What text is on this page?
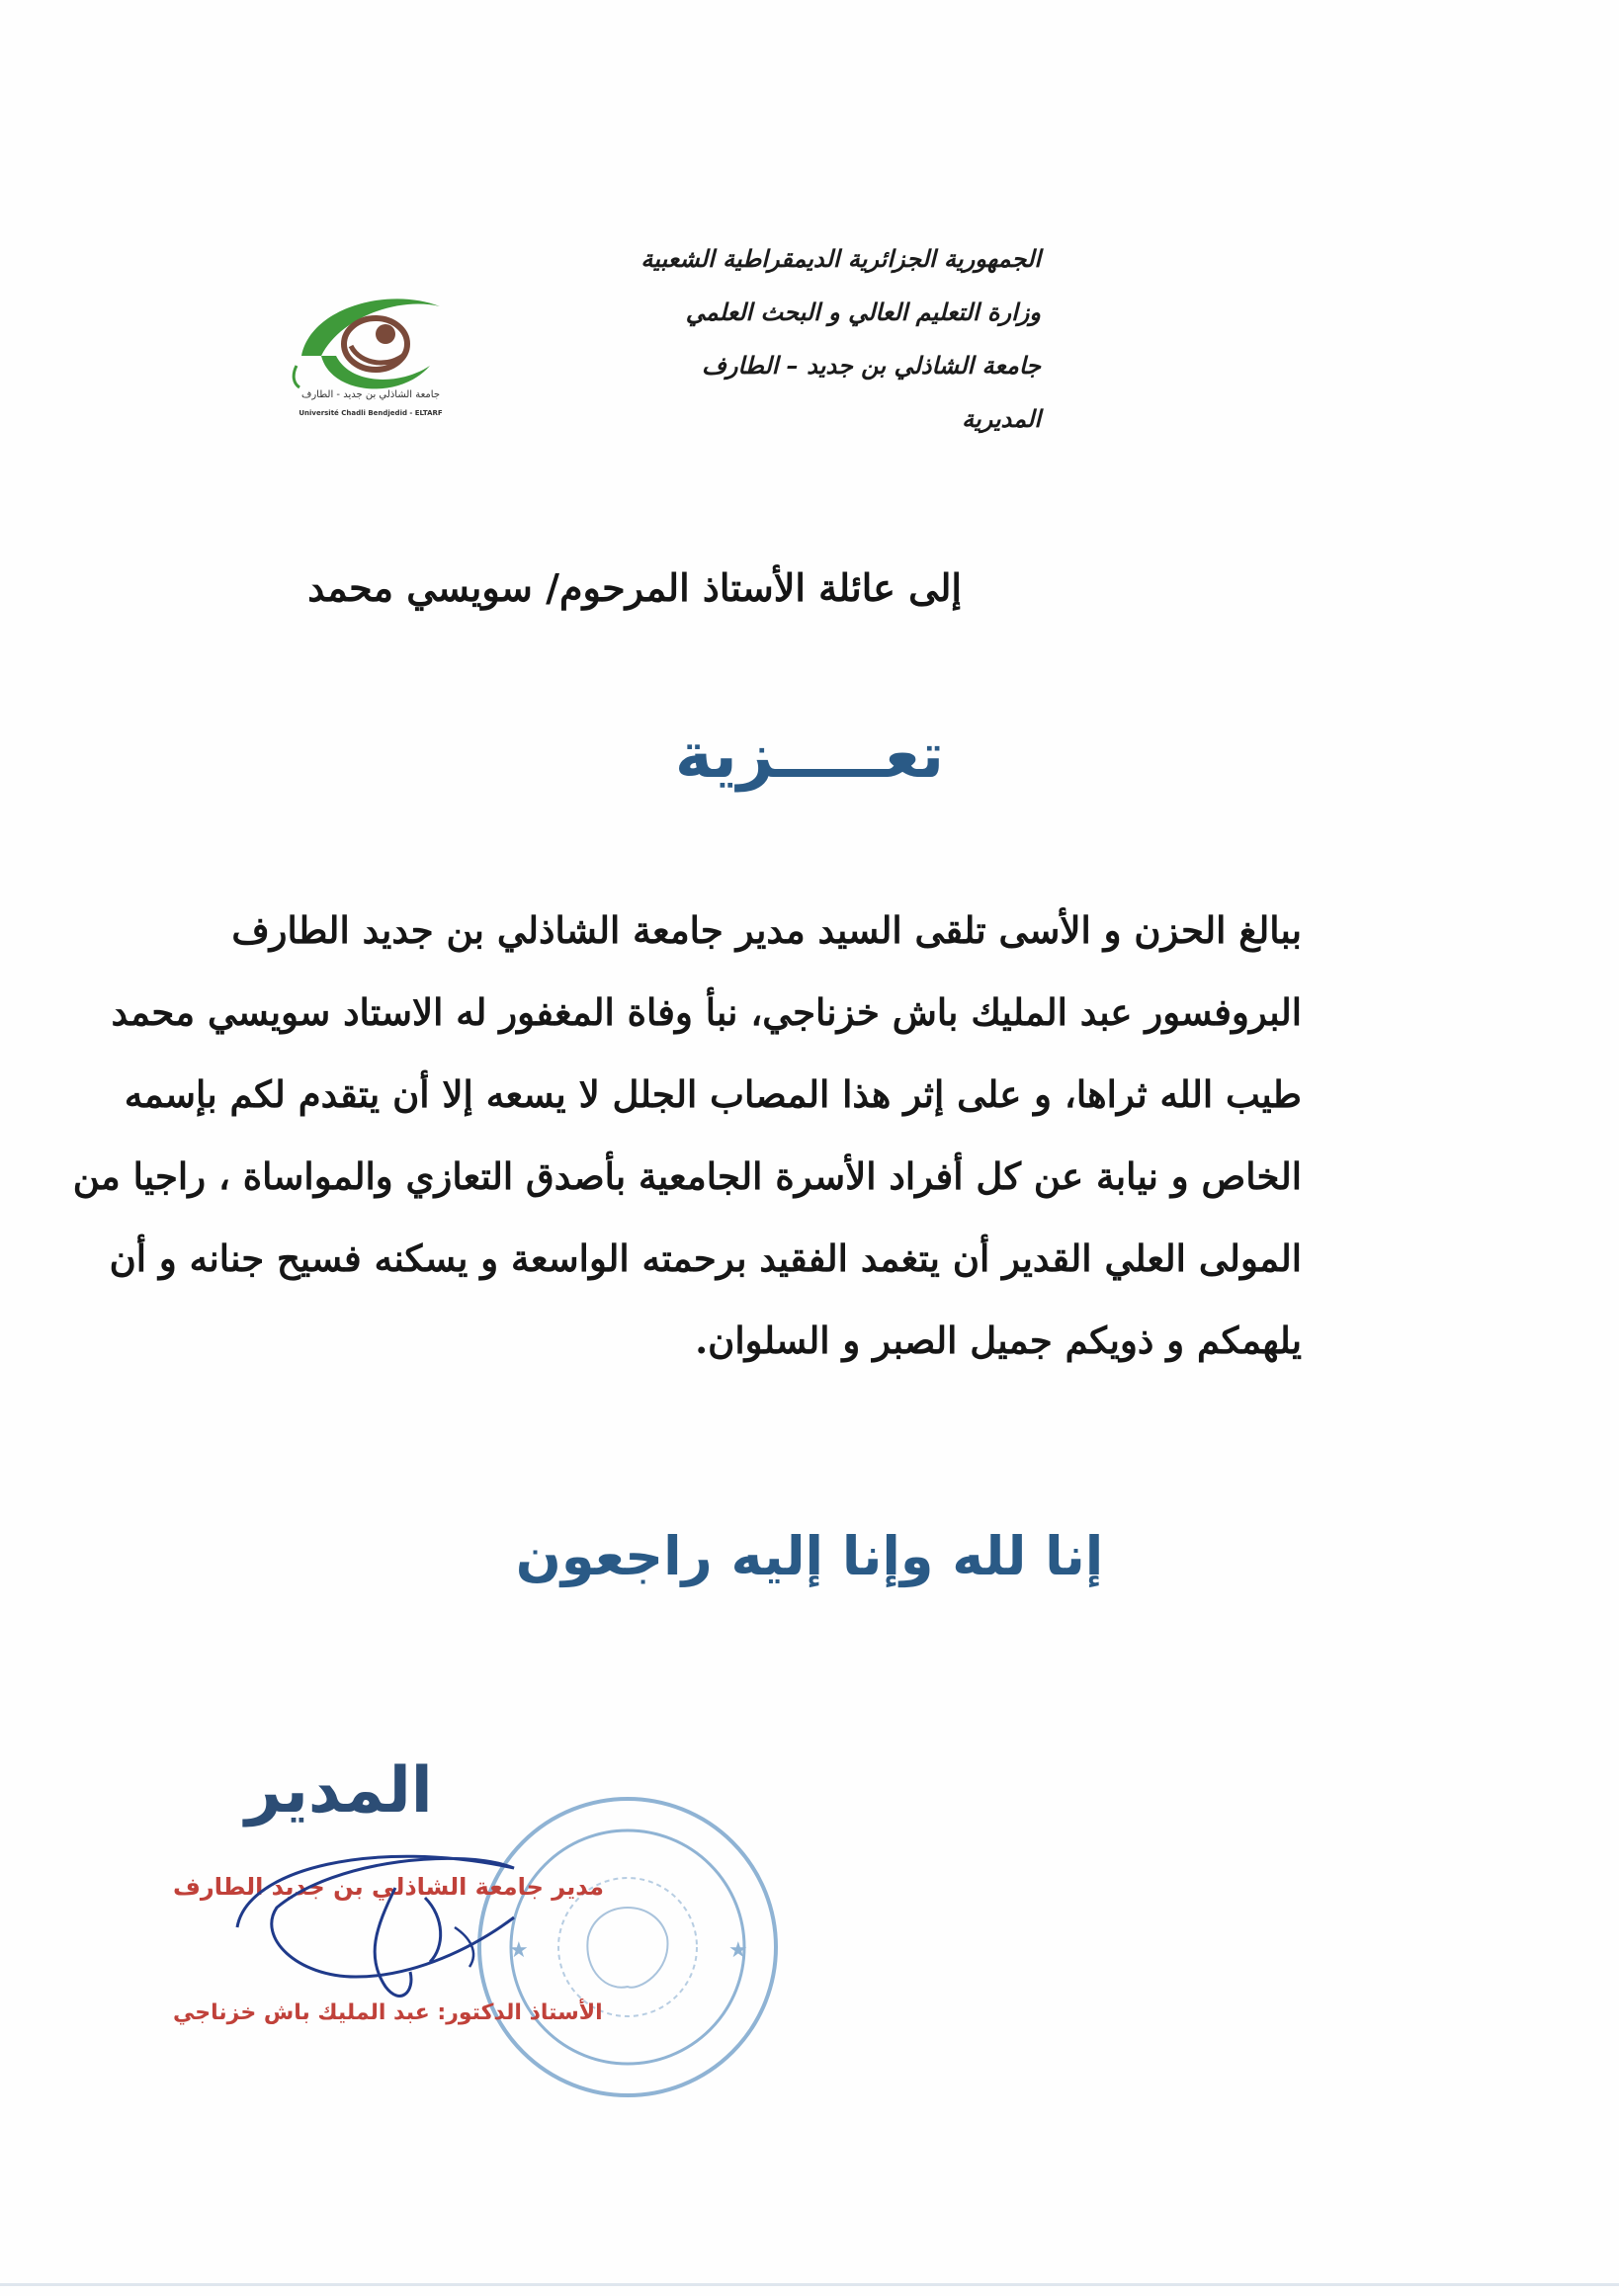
الجمهورية الجزائرية الديمقراطية الشعبية
وزارة التعليم العالي و البحث العلمي
جامعة الشاذلي بن جديد – الطارف
المديرية
جامعة الشاذلي بن جديد - الطارف
Université Chadli Bendjedid - ELTARF
إلى عائلة الأستاذ المرحوم/ سويسي محمد
تعـــــزية
ببالغ الحزن و الأسى تلقى السيد مدير جامعة الشاذلي بن جديد الطارف
البروفسور عبد المليك باش خزناجي، نبأ وفاة المغفور له الاستاد سويسي محمد
طيب الله ثراها، و على إثر هذا المصاب الجلل لا يسعه إلا أن يتقدم لكم بإسمه
الخاص و نيابة عن كل أفراد الأسرة الجامعية بأصدق التعازي والمواساة ، راجيا من
المولى العلي القدير أن يتغمد الفقيد برحمته الواسعة و يسكنه فسيح جنانه و أن
يلهمكم و ذويكم جميل الصبر و السلوان.
إنا لله وإنا إليه راجعون
المدير
★	★
مدير جامعة الشاذلي بن جديد الطارف
الأستاذ الدكتور: عبد المليك باش خزناجي
